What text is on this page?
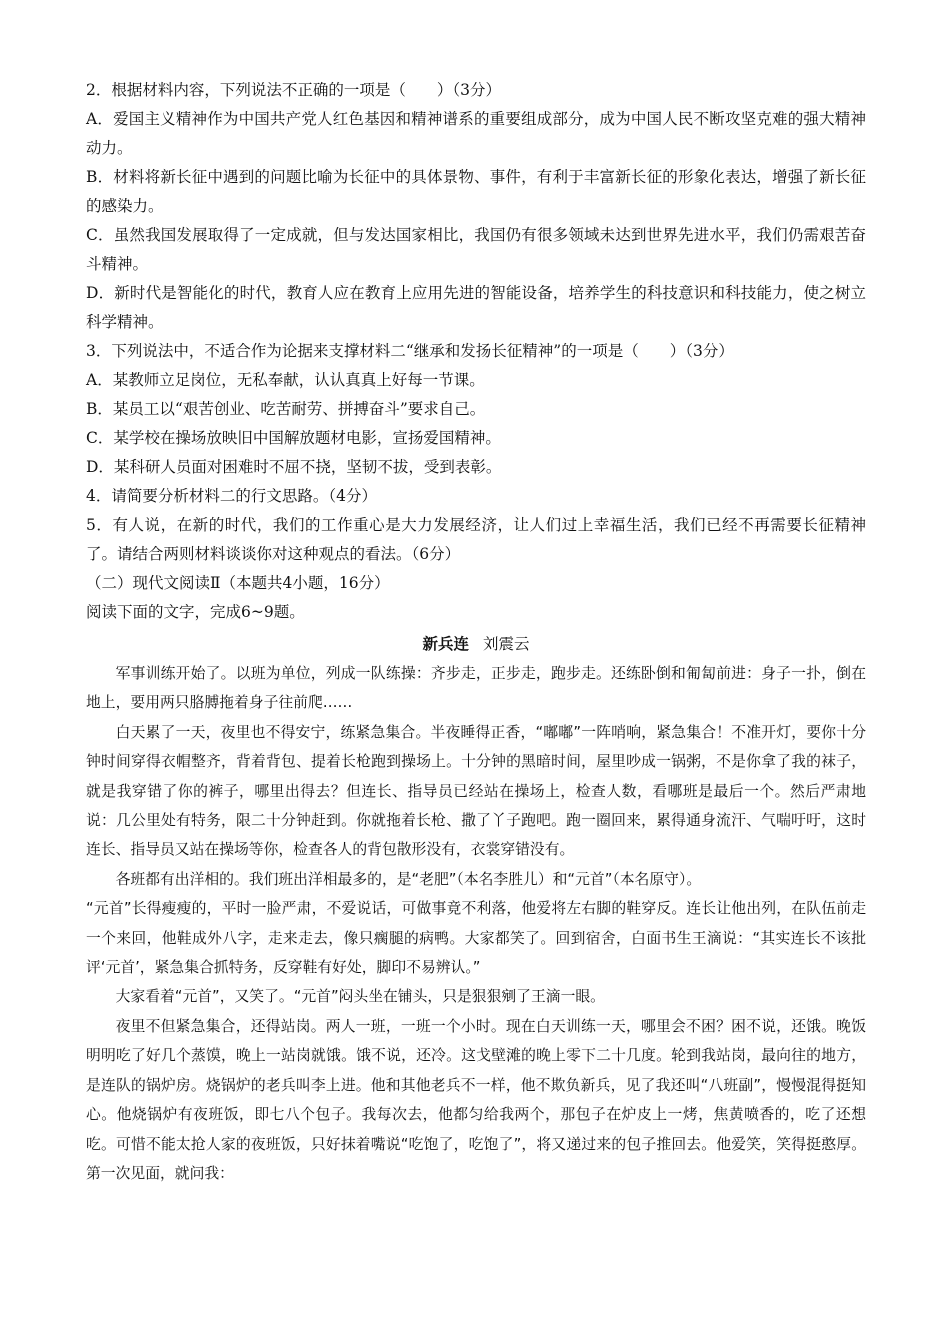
2．根据材料内容，下列说法不正确的一项是（　　）（3分）

A．爱国主义精神作为中国共产党人红色基因和精神谱系的重要组成部分，成为中国人民不断攻坚克难的强大精神动力。

B．材料将新长征中遇到的问题比喻为长征中的具体景物、事件，有利于丰富新长征的形象化表达，增强了新长征的感染力。

C．虽然我国发展取得了一定成就，但与发达国家相比，我国仍有很多领域未达到世界先进水平，我们仍需艰苦奋斗精神。

D．新时代是智能化的时代，教育人应在教育上应用先进的智能设备，培养学生的科技意识和科技能力，使之树立科学精神。

3．下列说法中，不适合作为论据来支撑材料二“继承和发扬长征精神”的一项是（　　）（3分）

A．某教师立足岗位，无私奉献，认认真真上好每一节课。

B．某员工以“艰苦创业、吃苦耐劳、拼搏奋斗”要求自己。

C．某学校在操场放映旧中国解放题材电影，宣扬爱国精神。

D．某科研人员面对困难时不屈不挠，坚韧不拔，受到表彰。

4．请简要分析材料二的行文思路。（4分）

5．有人说，在新的时代，我们的工作重心是大力发展经济，让人们过上幸福生活，我们已经不再需要长征精神了。请结合两则材料谈谈你对这种观点的看法。（6分）

（二）现代文阅读Ⅱ（本题共4小题，16分）

阅读下面的文字，完成6~9题。

新兵连 刘震云

军事训练开始了。以班为单位，列成一队练操：齐步走，正步走，跑步走。还练卧倒和匍匐前进：身子一扑，倒在地上，要用两只胳膊拖着身子往前爬……

白天累了一天，夜里也不得安宁，练紧急集合。半夜睡得正香，“嘟嘟”一阵哨响，紧急集合！不准开灯，要你十分钟时间穿得衣帽整齐，背着背包、提着长枪跑到操场上。十分钟的黑暗时间，屋里吵成一锅粥，不是你拿了我的袜子，就是我穿错了你的裤子，哪里出得去？但连长、指导员已经站在操场上，检查人数，看哪班是最后一个。然后严肃地说：几公里处有特务，限二十分钟赶到。你就拖着长枪、撒了丫子跑吧。跑一圈回来，累得通身流汗、气喘吁吁，这时连长、指导员又站在操场等你，检查各人的背包散形没有，衣裳穿错没有。

各班都有出洋相的。我们班出洋相最多的，是“老肥”（本名李胜儿）和“元首”（本名原守）。

“元首”长得瘦瘦的，平时一脸严肃，不爱说话，可做事竟不利落，他爱将左右脚的鞋穿反。连长让他出列，在队伍前走一个来回，他鞋成外八字，走来走去，像只瘸腿的病鸭。大家都笑了。回到宿舍，白面书生王滴说：“其实连长不该批评‘元首’，紧急集合抓特务，反穿鞋有好处，脚印不易辨认。”

大家看着“元首”，又笑了。“元首”闷头坐在铺头，只是狠狠剜了王滴一眼。

夜里不但紧急集合，还得站岗。两人一班，一班一个小时。现在白天训练一天，哪里会不困？困不说，还饿。晚饭明明吃了好几个蒸馍，晚上一站岗就饿。饿不说，还冷。这戈壁滩的晚上零下二十几度。轮到我站岗，最向往的地方，是连队的锅炉房。烧锅炉的老兵叫李上进。他和其他老兵不一样，他不欺负新兵，见了我还叫“八班副”，慢慢混得挺知心。他烧锅炉有夜班饭，即七八个包子。我每次去，他都匀给我两个，那包子在炉皮上一烤，焦黄喷香的，吃了还想吃。可惜不能太抢人家的夜班饭，只好抹着嘴说“吃饱了，吃饱了”，将又递过来的包子推回去。他爱笑，笑得挺憨厚。第一次见面，就问我：
